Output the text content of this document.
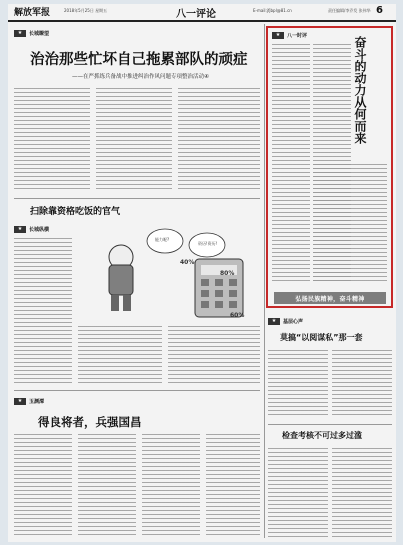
解放军报	2018年5月25日 星期五	八一评论	E-mail:jfjbpl@81.cn	责任编辑/李乔发 张伟华 6
★	长城瞭望
治治那些忙坏自己拖累部队的顽症
——在严抓练兵备战中推进纠治作风问题专项整治活动④
扫除靠资格吃饭的官气
★	长城纵横
能力呢?
资历!资历!
40%
80%
60%
★	玉渊潭
得良将者，兵强国昌
★	八一时评
奋斗的动力从何而来
弘扬民族精神，奋斗精神
★	基层心声
莫搞“以阅谋私”那一套
检查考核不可过多过滥
